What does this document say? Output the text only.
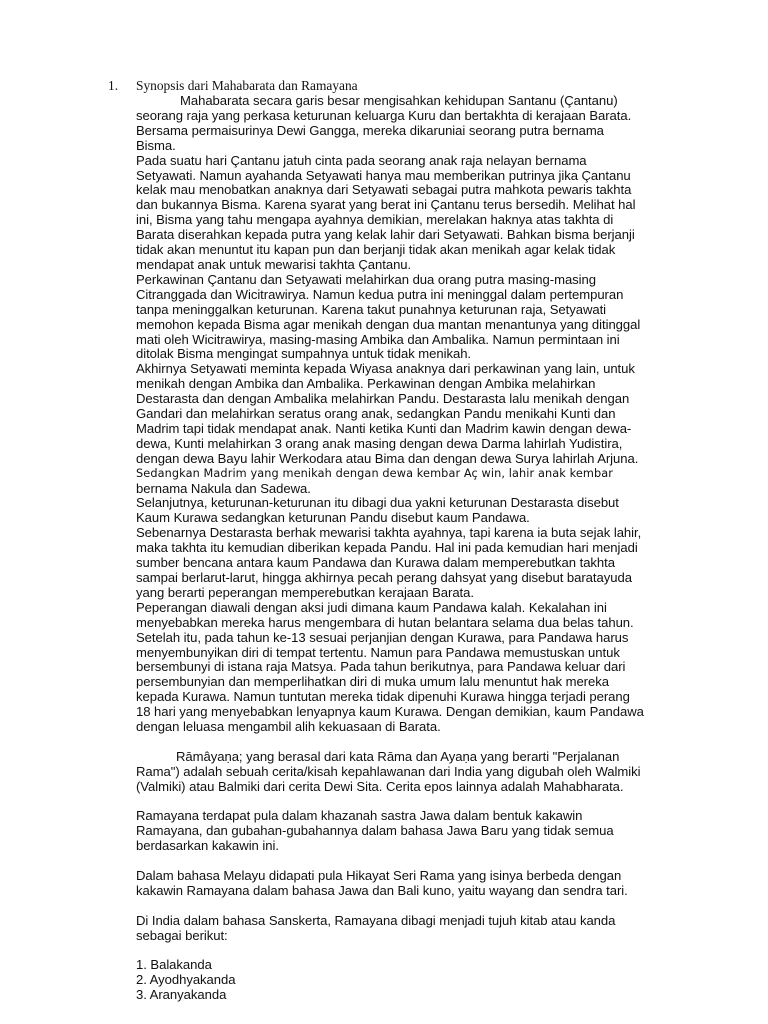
1. Synopsis dari Mahabarata dan Ramayana
Mahabarata secara garis besar mengisahkan kehidupan Santanu (Çantanu)
seorang raja yang perkasa keturunan keluarga Kuru dan bertakhta di kerajaan Barata.
Bersama permaisurinya Dewi Gangga, mereka dikaruniai seorang putra bernama
Bisma.
Pada suatu hari Çantanu jatuh cinta pada seorang anak raja nelayan bernama
Setyawati. Namun ayahanda Setyawati hanya mau memberikan putrinya jika Çantanu
kelak mau menobatkan anaknya dari Setyawati sebagai putra mahkota pewaris takhta
dan bukannya Bisma. Karena syarat yang berat ini Çantanu terus bersedih. Melihat hal
ini, Bisma yang tahu mengapa ayahnya demikian, merelakan haknya atas takhta di
Barata diserahkan kepada putra yang kelak lahir dari Setyawati. Bahkan bisma berjanji
tidak akan menuntut itu kapan pun dan berjanji tidak akan menikah agar kelak tidak
mendapat anak untuk mewarisi takhta Çantanu.
Perkawinan Çantanu dan Setyawati melahirkan dua orang putra masing-masing
Citranggada dan Wicitrawirya. Namun kedua putra ini meninggal dalam pertempuran
tanpa meninggalkan keturunan. Karena takut punahnya keturunan raja, Setyawati
memohon kepada Bisma agar menikah dengan dua mantan menantunya yang ditinggal
mati oleh Wicitrawirya, masing-masing Ambika dan Ambalika. Namun permintaan ini
ditolak Bisma mengingat sumpahnya untuk tidak menikah.
Akhirnya Setyawati meminta kepada Wiyasa anaknya dari perkawinan yang lain, untuk
menikah dengan Ambika dan Ambalika. Perkawinan dengan Ambika melahirkan
Destarasta dan dengan Ambalika melahirkan Pandu. Destarasta lalu menikah dengan
Gandari dan melahirkan seratus orang anak, sedangkan Pandu menikahi Kunti dan
Madrim tapi tidak mendapat anak. Nanti ketika Kunti dan Madrim kawin dengan dewa-
dewa, Kunti melahirkan 3 orang anak masing dengan dewa Darma lahirlah Yudistira,
dengan dewa Bayu lahir Werkodara atau Bima dan dengan dewa Surya lahirlah Arjuna.
Sedangkan Madrim yang menikah dengan dewa kembar Aç win, lahir anak kembar
bernama Nakula dan Sadewa.
Selanjutnya, keturunan-keturunan itu dibagi dua yakni keturunan Destarasta disebut
Kaum Kurawa sedangkan keturunan Pandu disebut kaum Pandawa.
Sebenarnya Destarasta berhak mewarisi takhta ayahnya, tapi karena ia buta sejak lahir,
maka takhta itu kemudian diberikan kepada Pandu. Hal ini pada kemudian hari menjadi
sumber bencana antara kaum Pandawa dan Kurawa dalam memperebutkan takhta
sampai berlarut-larut, hingga akhirnya pecah perang dahsyat yang disebut baratayuda
yang berarti peperangan memperebutkan kerajaan Barata.
Peperangan diawali dengan aksi judi dimana kaum Pandawa kalah. Kekalahan ini
menyebabkan mereka harus mengembara di hutan belantara selama dua belas tahun.
Setelah itu, pada tahun ke-13 sesuai perjanjian dengan Kurawa, para Pandawa harus
menyembunyikan diri di tempat tertentu. Namun para Pandawa memustuskan untuk
bersembunyi di istana raja Matsya. Pada tahun berikutnya, para Pandawa keluar dari
persembunyian dan memperlihatkan diri di muka umum lalu menuntut hak mereka
kepada Kurawa. Namun tuntutan mereka tidak dipenuhi Kurawa hingga terjadi perang
18 hari yang menyebabkan lenyapnya kaum Kurawa. Dengan demikian, kaum Pandawa
dengan leluasa mengambil alih kekuasaan di Barata.
Rāmâyaṇa; yang berasal dari kata Rāma dan Ayaṇa yang berarti "Perjalanan
Rama") adalah sebuah cerita/kisah kepahlawanan dari India yang digubah oleh Walmiki
(Valmiki) atau Balmiki dari cerita Dewi Sita. Cerita epos lainnya adalah Mahabharata.
Ramayana terdapat pula dalam khazanah sastra Jawa dalam bentuk kakawin
Ramayana, dan gubahan-gubahannya dalam bahasa Jawa Baru yang tidak semua
berdasarkan kakawin ini.
Dalam bahasa Melayu didapati pula Hikayat Seri Rama yang isinya berbeda dengan
kakawin Ramayana dalam bahasa Jawa dan Bali kuno, yaitu wayang dan sendra tari.
Di India dalam bahasa Sanskerta, Ramayana dibagi menjadi tujuh kitab atau kanda
sebagai berikut:
1. Balakanda
2. Ayodhyakanda
3. Aranyakanda
